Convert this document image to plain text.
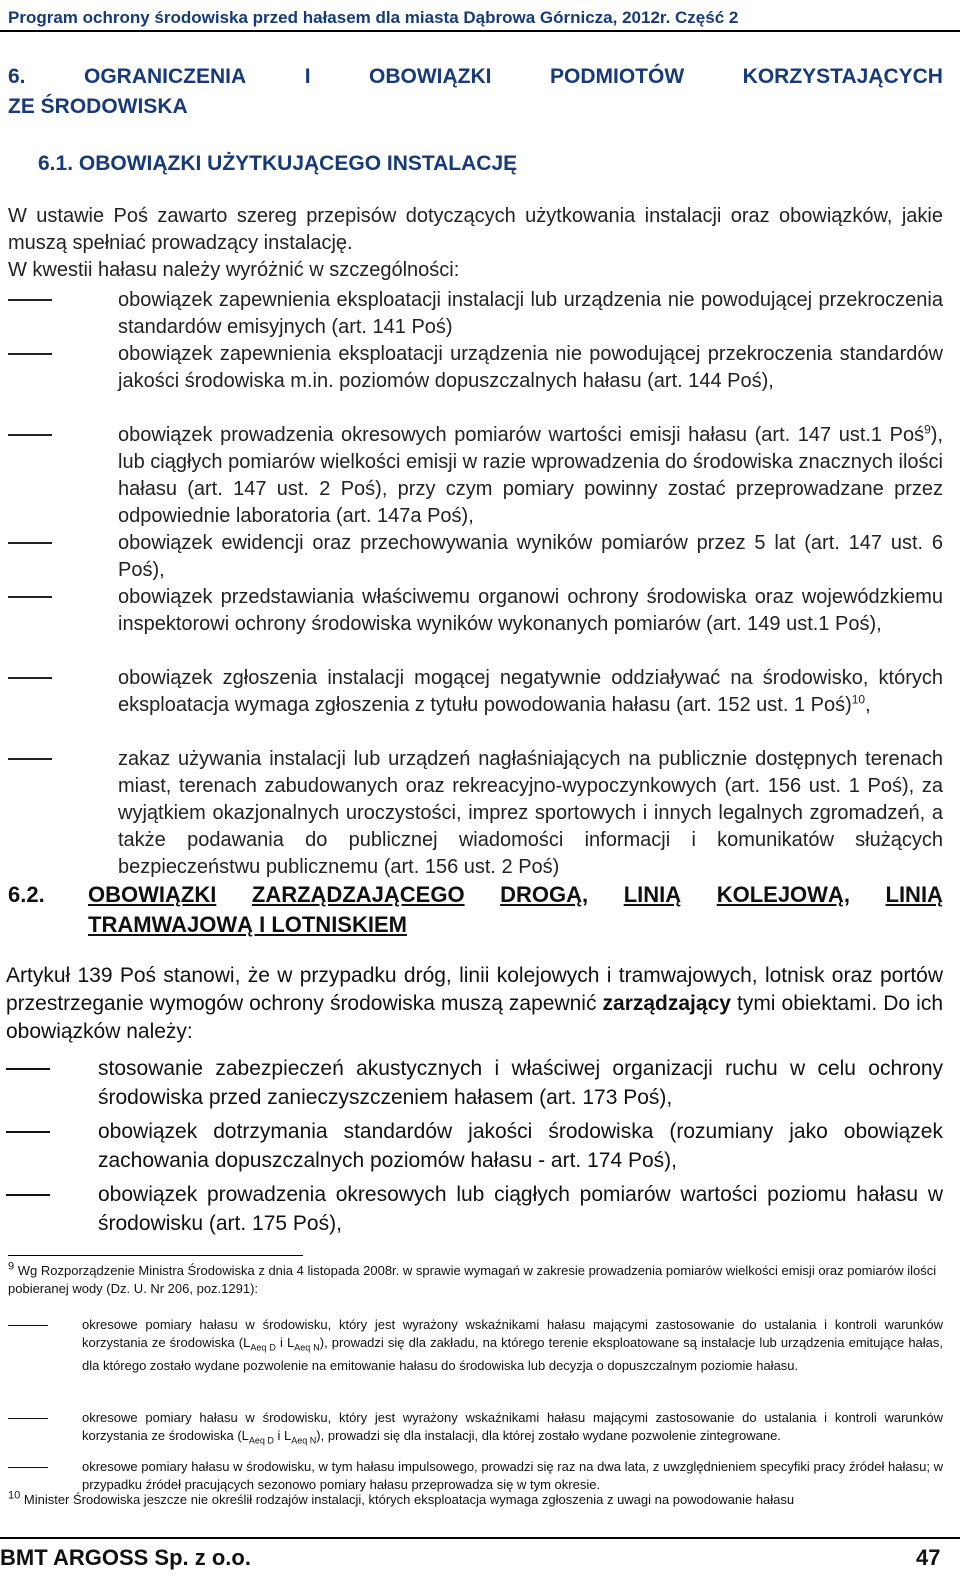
Program ochrony środowiska przed hałasem dla miasta Dąbrowa Górnicza, 2012r. Część 2
6.	OGRANICZENIA	I	OBOWIĄZKI	PODMIOTÓW	KORZYSTAJĄCYCH
ZE ŚRODOWISKA
6.1. OBOWIĄZKI UŻYTKUJĄCEGO INSTALACJĘ
W ustawie Poś zawarto szereg przepisów dotyczących użytkowania instalacji oraz obowiązków, jakie muszą spełniać prowadzący instalację.
W kwestii hałasu należy wyróżnić w szczególności:
obowiązek zapewnienia eksploatacji instalacji lub urządzenia nie powodującej przekroczenia standardów emisyjnych (art. 141 Poś)
obowiązek zapewnienia eksploatacji urządzenia nie powodującej przekroczenia standardów jakości środowiska m.in. poziomów dopuszczalnych hałasu (art. 144 Poś),
obowiązek prowadzenia okresowych pomiarów wartości emisji hałasu (art. 147 ust.1 Poś$^9$), lub ciągłych pomiarów wielkości emisji w razie wprowadzenia do środowiska znacznych ilości hałasu (art. 147 ust. 2 Poś), przy czym pomiary powinny zostać przeprowadzane przez odpowiednie laboratoria (art. 147a Poś),
obowiązek ewidencji oraz przechowywania wyników pomiarów przez 5 lat (art. 147 ust. 6 Poś),
obowiązek przedstawiania właściwemu organowi ochrony środowiska oraz wojewódzkiemu inspektorowi ochrony środowiska wyników wykonanych pomiarów (art. 149 ust.1 Poś),
obowiązek zgłoszenia instalacji mogącej negatywnie oddziaływać na środowisko, których eksploatacja wymaga zgłoszenia z tytułu powodowania hałasu (art. 152 ust. 1 Poś)$^{10}$,
zakaz używania instalacji lub urządzeń nagłaśniających na publicznie dostępnych terenach miast, terenach zabudowanych oraz rekreacyjno-wypoczynkowych (art. 156 ust. 1 Poś), za wyjątkiem okazjonalnych uroczystości, imprez sportowych i innych legalnych zgromadzeń, a także podawania do publicznej wiadomości informacji i komunikatów służących bezpieczeństwu publicznemu (art. 156 ust. 2 Poś)
6.2. OBOWIĄZKI ZARZĄDZAJĄCEGO DROGĄ, LINIĄ KOLEJOWĄ, LINIĄ
TRAMWAJOWĄ I LOTNISKIEM
Artykuł 139 Poś stanowi, że w przypadku dróg, linii kolejowych i tramwajowych, lotnisk oraz portów przestrzeganie wymogów ochrony środowiska muszą zapewnić zarządzający tymi obiektami. Do ich obowiązków należy:
stosowanie zabezpieczeń akustycznych i właściwej organizacji ruchu w celu ochrony środowiska przed zanieczyszczeniem hałasem (art. 173 Poś),
obowiązek dotrzymania standardów jakości środowiska (rozumiany jako obowiązek zachowania dopuszczalnych poziomów hałasu - art. 174 Poś),
obowiązek prowadzenia okresowych lub ciągłych pomiarów wartości poziomu hałasu w środowisku (art. 175 Poś),
$^9$ Wg Rozporządzenie Ministra Środowiska z dnia 4 listopada 2008r. w sprawie wymagań w zakresie prowadzenia pomiarów wielkości emisji oraz pomiarów ilości pobieranej wody (Dz. U. Nr 206, poz.1291):
okresowe pomiary hałasu w środowisku, który jest wyrażony wskaźnikami hałasu mającymi zastosowanie do ustalania i kontroli warunków korzystania ze środowiska ($L_{Aeq D}$ i $L_{Aeq N}$), prowadzi się dla zakładu, na którego terenie eksploatowane są instalacje lub urządzenia emitujące hałas, dla którego zostało wydane pozwolenie na emitowanie hałasu do środowiska lub decyzja o dopuszczalnym poziomie hałasu.
okresowe pomiary hałasu w środowisku, który jest wyrażony wskaźnikami hałasu mającymi zastosowanie do ustalania i kontroli warunków korzystania ze środowiska ($L_{Aeq D}$ i $L_{Aeq N}$), prowadzi się dla instalacji, dla której zostało wydane pozwolenie zintegrowane.
okresowe pomiary hałasu w środowisku, w tym hałasu impulsowego, prowadzi się raz na dwa lata, z uwzględnieniem specyfiki pracy źródeł hałasu; w przypadku źródeł pracujących sezonowo pomiary hałasu przeprowadza się w tym okresie.
$^{10}$ Minister Środowiska jeszcze nie określił rodzajów instalacji, których eksploatacja wymaga zgłoszenia z uwagi na powodowanie hałasu
BMT ARGOSS Sp. z o.o.	47
